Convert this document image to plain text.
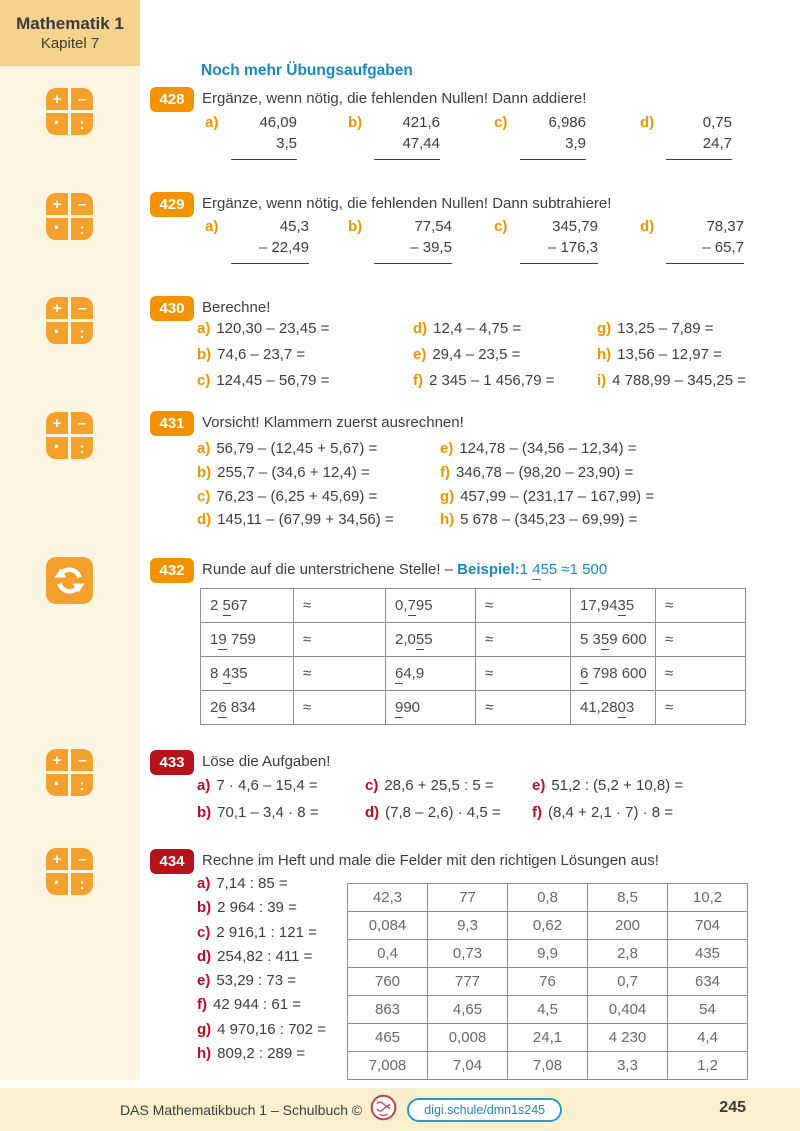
Mathematik 1
Kapitel 7
+	–
·	:
+	–
·	:
+	–
·	:
+	–
·	:
+	–
·	:
+	–
·	:
Noch mehr Übungsaufgaben
428	Ergänze, wenn nötig, die fehlenden Nullen! Dann addiere!
a)	46,09
3,5
b)	421,6
47,44
c)	6,986
3,9
d)	0,75
24,7
429	Ergänze, wenn nötig, die fehlenden Nullen! Dann subtrahiere!
a)	45,3
– 22,49
b)	77,54
– 39,5
c)	345,79
– 176,3
d)	78,37
– 65,7
430	Berechne!
a) 120,30 – 23,45 =
b) 74,6 – 23,7 =
c) 124,45 – 56,79 =
d) 12,4 – 4,75 =
e) 29,4 – 23,5 =
f) 2 345 – 1 456,79 =
g) 13,25 – 7,89 =
h) 13,56 – 12,97 =
i) 4 788,99 – 345,25 =
431	Vorsicht! Klammern zuerst ausrechnen!
a) 56,79 – (12,45 + 5,67) =
b) 255,7 – (34,6 + 12,4) =
c) 76,23 – (6,25 + 45,69) =
d) 145,11 – (67,99 + 34,56) =
e) 124,78 – (34,56 – 12,34) =
f) 346,78 – (98,20 – 23,90) =
g) 457,99 – (231,17 – 167,99) =
h) 5 678 – (345,23 – 69,99) =
432	Runde auf die unterstrichene Stelle! – Beispiel:1 455 ≈1 500
2 567	≈	0,795	≈	17,9435	≈
19 759	≈	2,055	≈	5 359 600	≈
8 435	≈	64,9	≈	6 798 600	≈
26 834	≈	990	≈	41,2803	≈
433	Löse die Aufgaben!
a) 7 · 4,6 – 15,4 =
b) 70,1 – 3,4 · 8 =
c) 28,6 + 25,5 : 5 =
d) (7,8 – 2,6) · 4,5 =
e) 51,2 : (5,2 + 10,8) =
f) (8,4 + 2,1 · 7) · 8 =
434	Rechne im Heft und male die Felder mit den richtigen Lösungen aus!
a) 7,14 : 85 =
b) 2 964 : 39 =
c) 2 916,1 : 121 =
d) 254,82 : 411 =
e) 53,29 : 73 =
f) 42 944 : 61 =
g) 4 970,16 : 702 =
h) 809,2 : 289 =
42,3	77	0,8	8,5	10,2
0,084	9,3	0,62	200	704
0,4	0,73	9,9	2,8	435
760	777	76	0,7	634
863	4,65	4,5	0,404	54
465	0,008	24,1	4 230	4,4
7,008	7,04	7,08	3,3	1,2
DAS Mathematikbuch 1 – Schulbuch ©	digi.schule/dmn1s245	245
